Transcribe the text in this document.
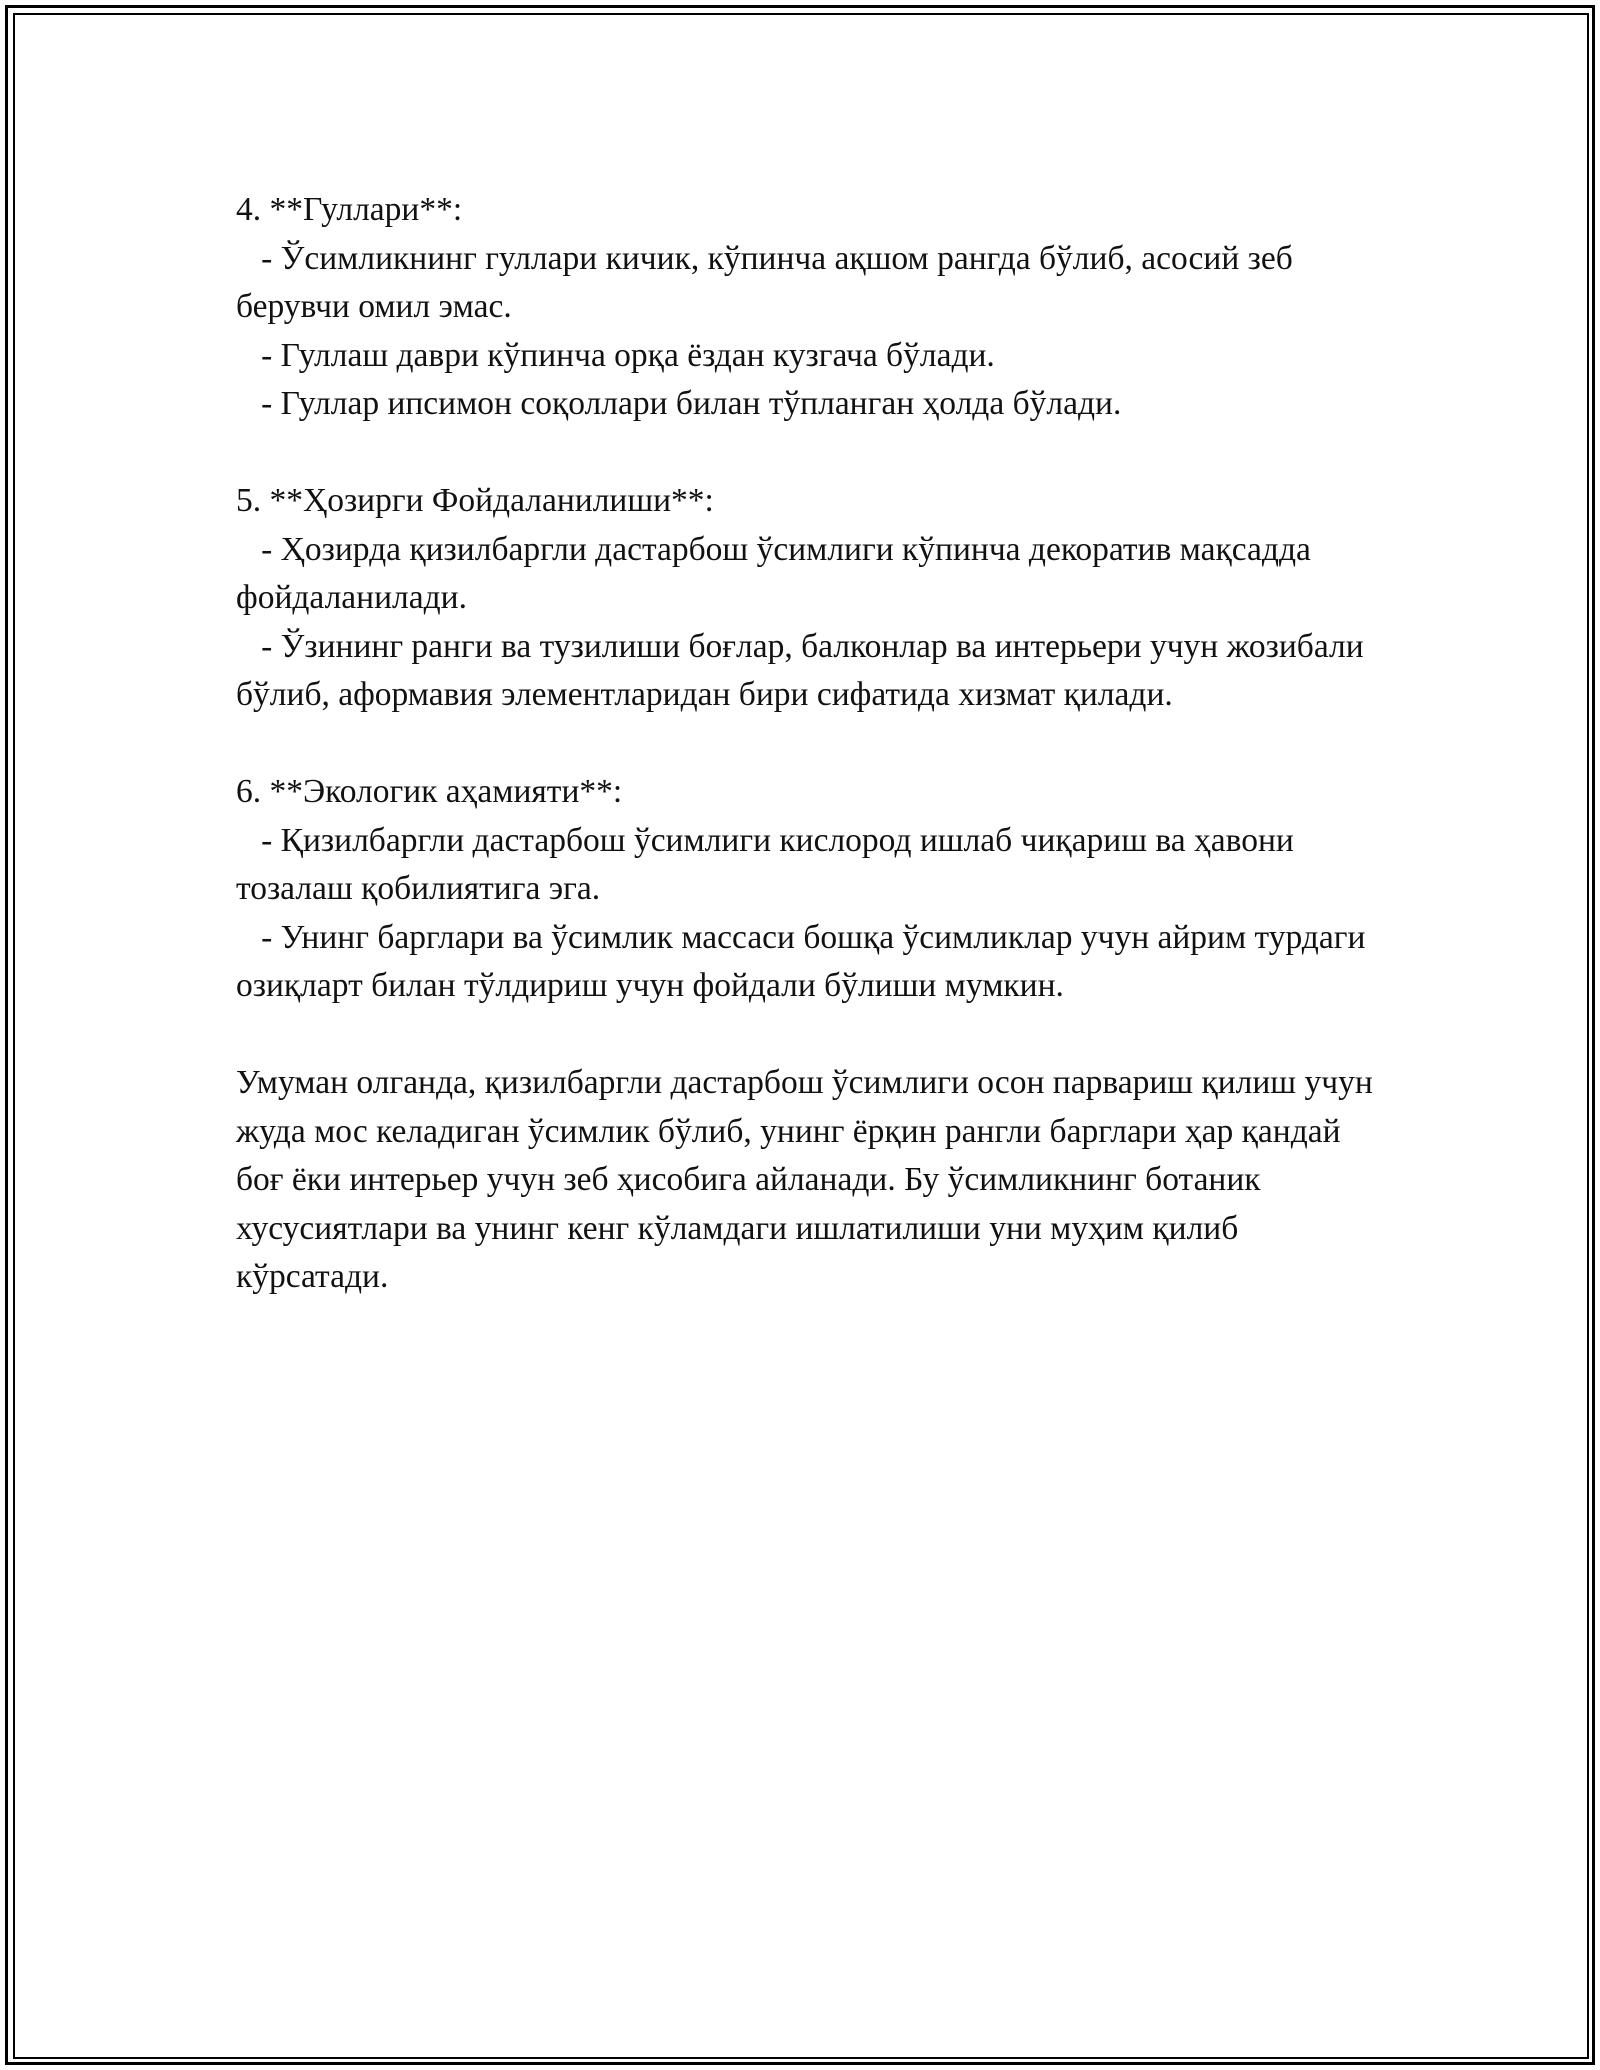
4. **Гуллари**:

- Ўсимликнинг гуллари кичик, кўпинча ақшом рангда бўлиб, асосий зеб берувчи омил эмас.

- Гуллаш даври кўпинча орқа ёздан кузгача бўлади.

- Гуллар ипсимон соқоллари билан тўпланган ҳолда бўлади.

5. **Ҳозирги Фойдаланилиши**:

- Ҳозирда қизилбаргли дастарбош ўсимлиги кўпинча декоратив мақсадда фойдаланилади.

- Ўзининг ранги ва тузилиши боғлар, балконлар ва интерьери учун жозибали бўлиб, аформавия элементларидан бири сифатида хизмат қилади.

6. **Экологик аҳамияти**:

- Қизилбаргли дастарбош ўсимлиги кислород ишлаб чиқариш ва ҳавони тозалаш қобилиятига эга.

- Унинг барглари ва ўсимлик массаси бошқа ўсимликлар учун айрим турдаги озиқларт билан тўлдириш учун фойдали бўлиши мумкин.

Умуман олганда, қизилбаргли дастарбош ўсимлиги осон парвариш қилиш учун жуда мос келадиган ўсимлик бўлиб, унинг ёрқин рангли барглари ҳар қандай боғ ёки интерьер учун зеб ҳисобига айланади. Бу ўсимликнинг ботаник хусусиятлари ва унинг кенг кўламдаги ишлатилиши уни муҳим қилиб кўрсатади.
